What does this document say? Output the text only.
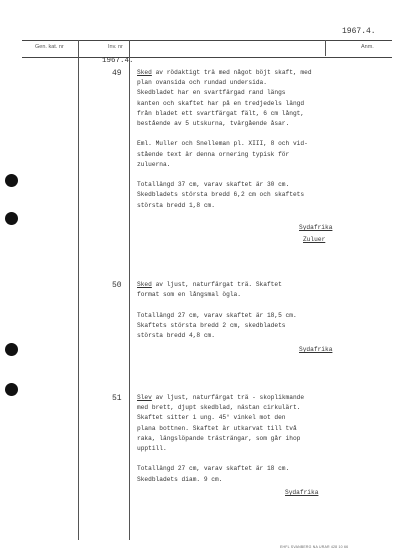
1967.4.
Gen. kat. nr	Inv. nr	Anm.
1967.4.
49 Sked av rödaktigt trä med något böjt skaft, med
plan ovansida och rundad undersida.
Skedbladet har en svartfärgad rand längs
kanten och skaftet har på en tredjedels längd
från bladet ett svartfärgat fält, 6 cm långt,
bestående av 5 utskurna, tvärgående åsar.

Eml. Muller och Snelleman pl. XIII, 8 och vid-
stående text är denna ornering typisk för
zuluerna.

Totallängd 37 cm, varav skaftet är 30 cm.
Skedbladets största bredd 6,2 cm och skaftets
största bredd 1,8 cm.
Sydafrika
Zuluer
50 Sked av ljust, naturfärgat trä. Skaftet
format som en långsmal ögla.

Totallängd 27 cm, varav skaftet är 18,5 cm.
Skaftets största bredd 2 cm, skedbladets
största bredd 4,8 cm.
Sydafrika
51 Slev av ljust, naturfärgat trä - skoplikmande
med brett, djupt skedblad, nästan cirkulärt.
Skaftet sitter i ung. 45° vinkel mot den
plana bottnen. Skaftet är utkarvat till två
raka, längslöpande trästrängar, som går ihop
upptill.

Totallängd 27 cm, varav skaftet är 18 cm.
Skedbladets diam. 9 cm.
Sydafrika
EHFL SVANBERG NA URAR 428 10 66
